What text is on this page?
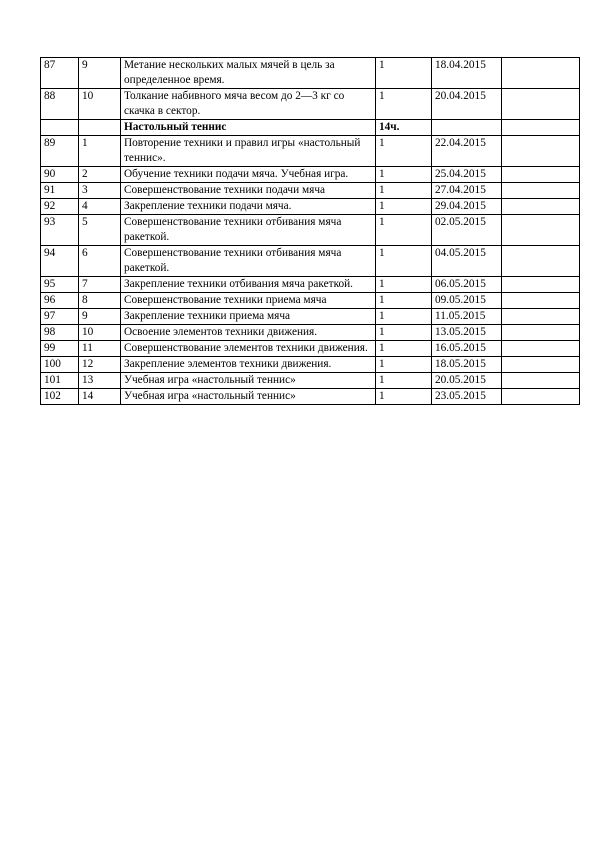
87	9	Метание нескольких малых мячей в цель за определенное время.	1	18.04.2015	
88	10	Толкание набивного мяча весом до 2—3 кг со скачка в сектор.	1	20.04.2015	
		Настольный теннис	14ч.		
89	1	Повторение техники и правил игры «настольный теннис».	1	22.04.2015	
90	2	Обучение техники подачи мяча. Учебная игра.	1	25.04.2015	
91	3	Совершенствование техники подачи мяча	1	27.04.2015	
92	4	Закрепление техники подачи мяча.	1	29.04.2015	
93	5	Совершенствование техники отбивания мяча ракеткой.	1	02.05.2015	
94	6	Совершенствование техники отбивания мяча ракеткой.	1	04.05.2015	
95	7	Закрепление техники отбивания мяча ракеткой.	1	06.05.2015	
96	8	Совершенствование техники приема мяча	1	09.05.2015	
97	9	Закрепление техники приема мяча	1	11.05.2015	
98	10	Освоение элементов техники движения.	1	13.05.2015	
99	11	Совершенствование элементов техники движения.	1	16.05.2015	
100	12	Закрепление элементов техники движения.	1	18.05.2015	
101	13	Учебная игра «настольный теннис»	1	20.05.2015	
102	14	Учебная игра «настольный теннис»	1	23.05.2015	
